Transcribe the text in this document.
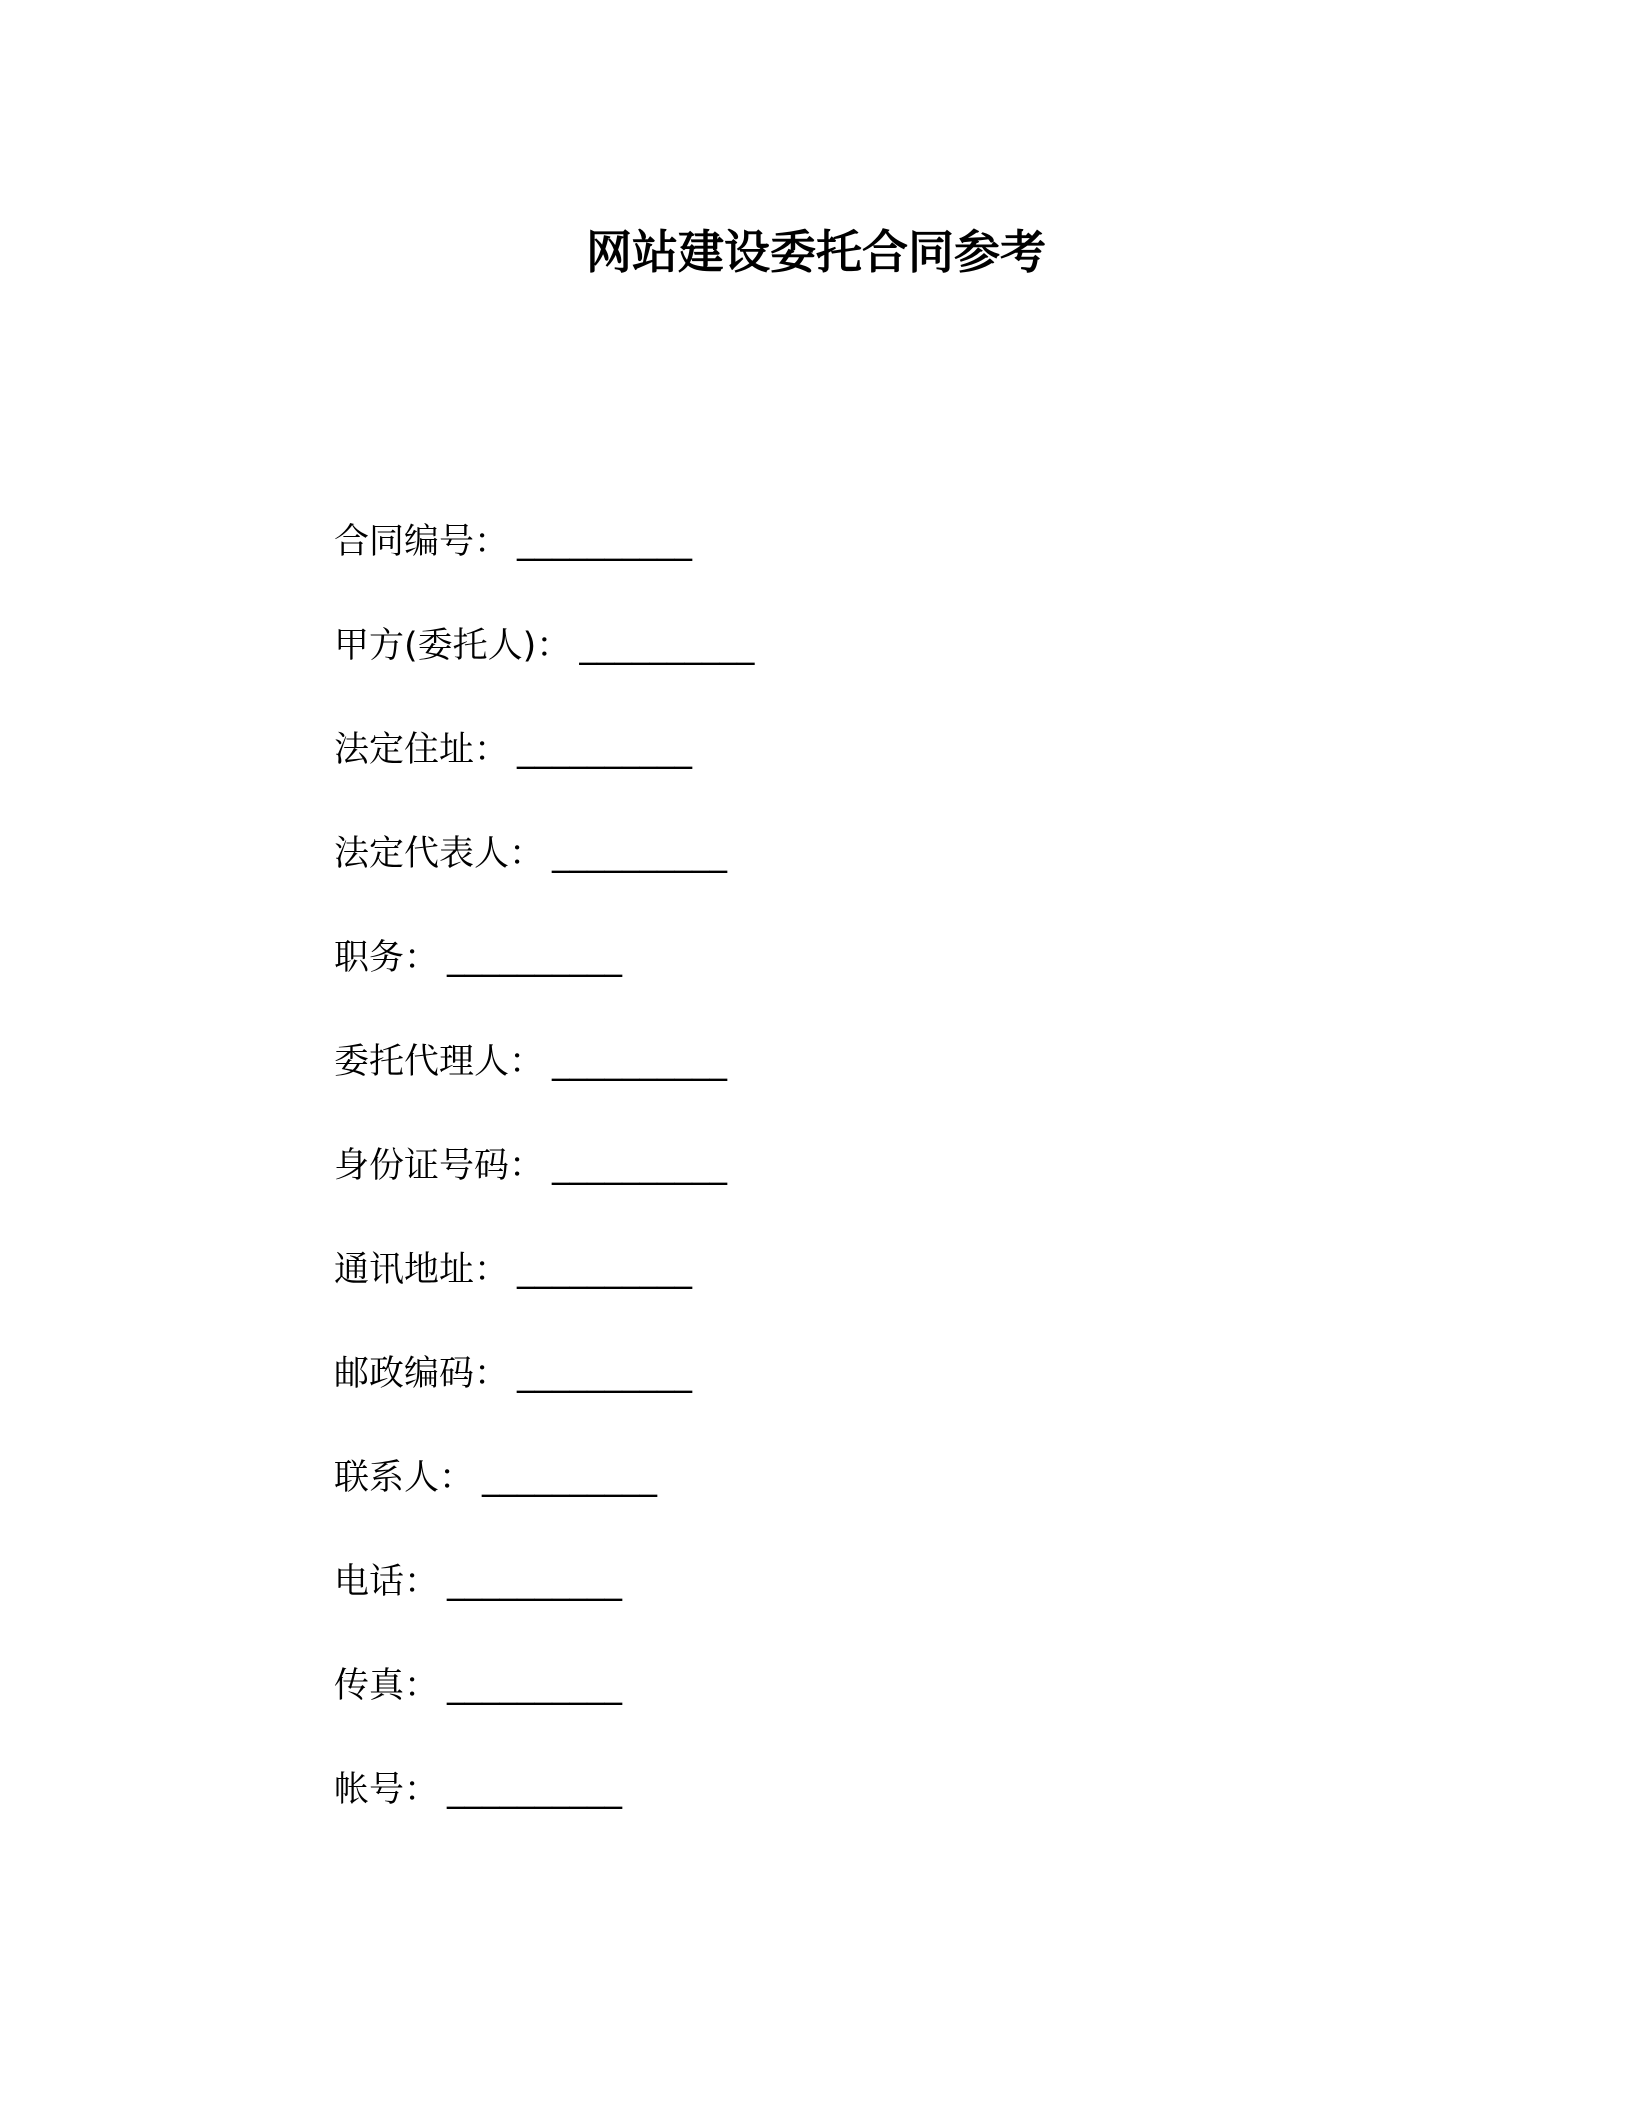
网站建设委托合同参考
合同编号： __________
甲方(委托人)： __________
法定住址： __________
法定代表人： __________
职务： __________
委托代理人： __________
身份证号码： __________
通讯地址： __________
邮政编码： __________
联系人： __________
电话： __________
传真： __________
帐号： __________
